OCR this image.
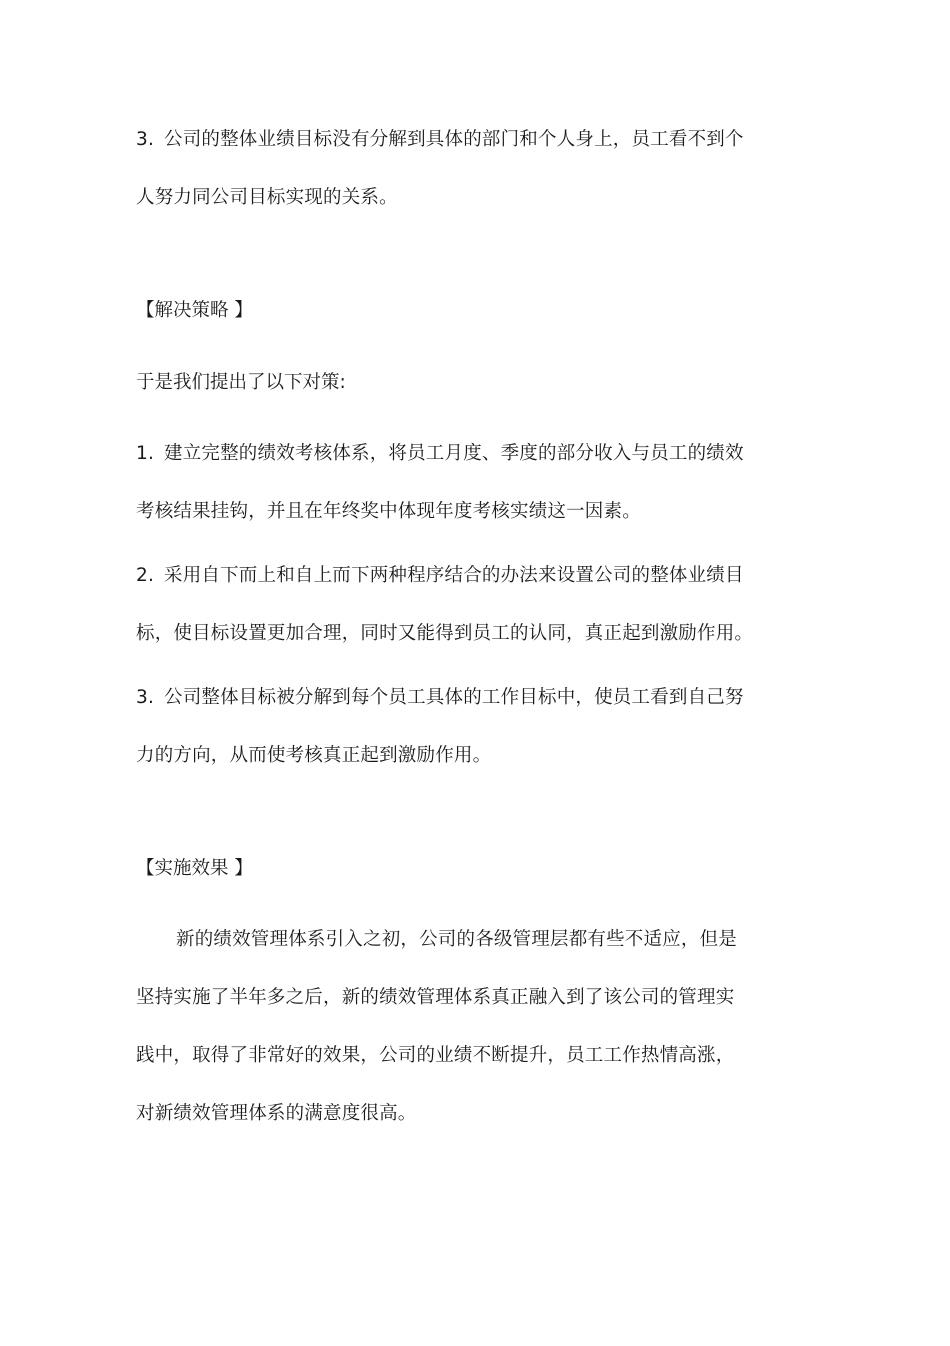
3. 公司的整体业绩目标没有分解到具体的部门和个人身上，员工看不到个
人努力同公司目标实现的关系。
【解决策略 】
于是我们提出了以下对策:
1. 建立完整的绩效考核体系，将员工月度、季度的部分收入与员工的绩效
考核结果挂钩，并且在年终奖中体现年度考核实绩这一因素。
2. 采用自下而上和自上而下两种程序结合的办法来设置公司的整体业绩目
标，使目标设置更加合理，同时又能得到员工的认同，真正起到激励作用。
3. 公司整体目标被分解到每个员工具体的工作目标中，使员工看到自己努
力的方向，从而使考核真正起到激励作用。
【实施效果 】
新的绩效管理体系引入之初，公司的各级管理层都有些不适应，但是
坚持实施了半年多之后，新的绩效管理体系真正融入到了该公司的管理实
践中，取得了非常好的效果，公司的业绩不断提升，员工工作热情高涨，
对新绩效管理体系的满意度很高。
